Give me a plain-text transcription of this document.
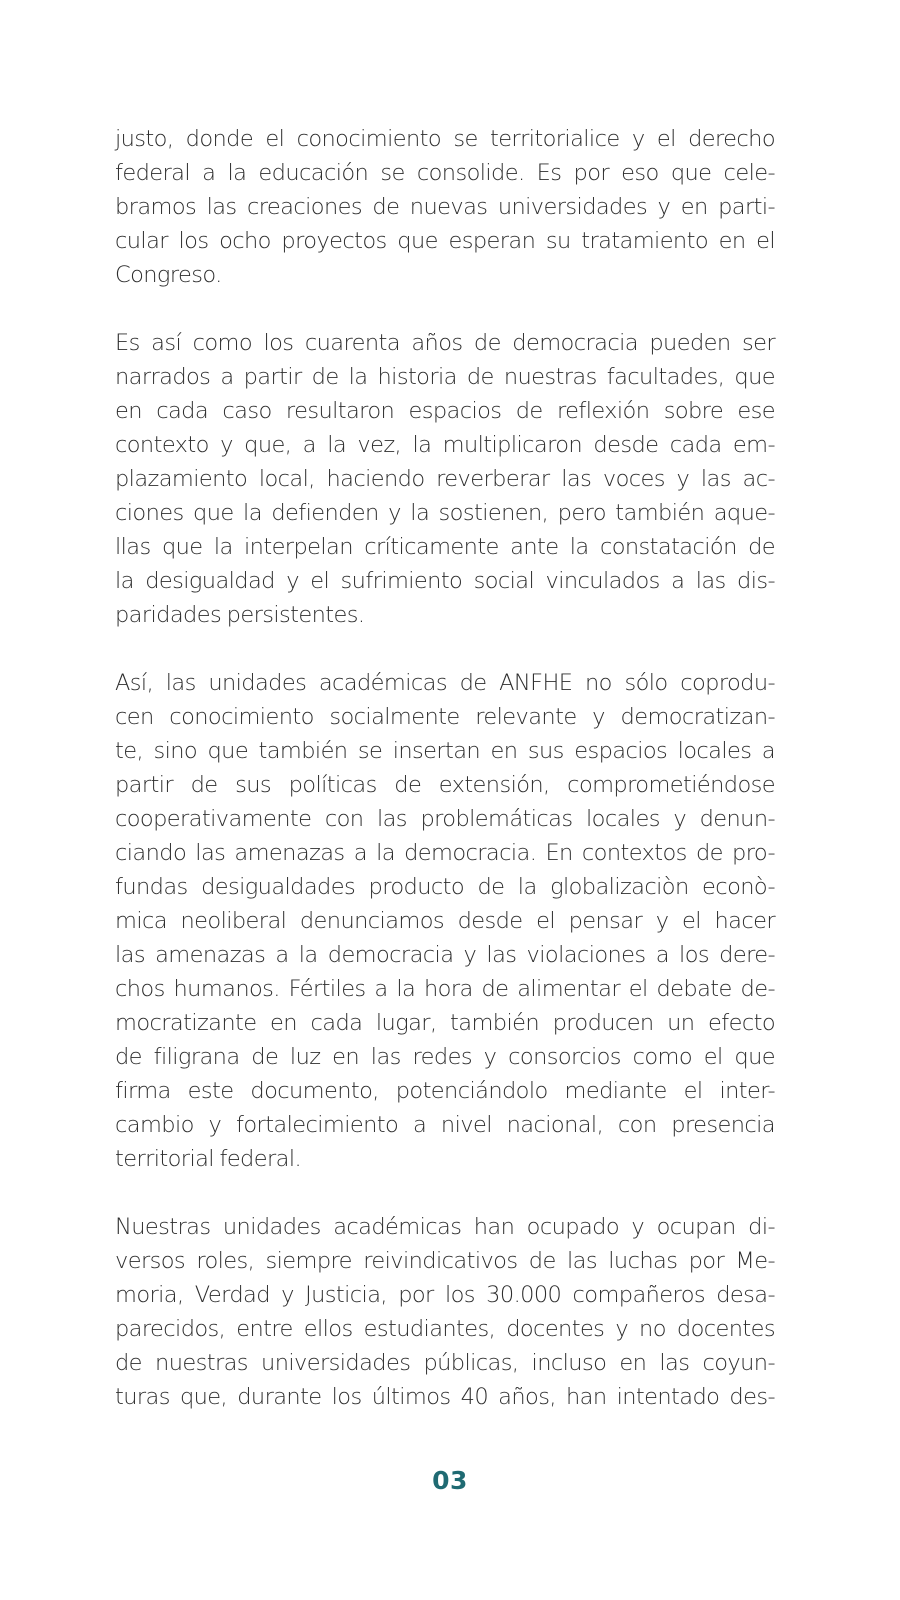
justo, donde el conocimiento se territorialice y el derecho
federal a la educación se consolide. Es por eso que cele-
bramos las creaciones de nuevas universidades y en parti-
cular los ocho proyectos que esperan su tratamiento en el
Congreso.

Es así como los cuarenta años de democracia pueden ser
narrados a partir de la historia de nuestras facultades, que
en cada caso resultaron espacios de reflexión sobre ese
contexto y que, a la vez, la multiplicaron desde cada em-
plazamiento local, haciendo reverberar las voces y las ac-
ciones que la defienden y la sostienen, pero también aque-
llas que la interpelan críticamente ante la constatación de
la desigualdad y el sufrimiento social vinculados a las dis-
paridades persistentes.

Así, las unidades académicas de ANFHE no sólo coprodu-
cen conocimiento socialmente relevante y democratizan-
te, sino que también se insertan en sus espacios locales a
partir de sus políticas de extensión, comprometiéndose
cooperativamente con las problemáticas locales y denun-
ciando las amenazas a la democracia. En contextos de pro-
fundas desigualdades producto de la globalizaciòn econò-
mica neoliberal denunciamos desde el pensar y el hacer
las amenazas a la democracia y las violaciones a los dere-
chos humanos. Fértiles a la hora de alimentar el debate de-
mocratizante en cada lugar, también producen un efecto
de filigrana de luz en las redes y consorcios como el que
firma este documento, potenciándolo mediante el inter-
cambio y fortalecimiento a nivel nacional, con presencia
territorial federal.

Nuestras unidades académicas han ocupado y ocupan di-
versos roles, siempre reivindicativos de las luchas por Me-
moria, Verdad y Justicia, por los 30.000 compañeros desa-
parecidos, entre ellos estudiantes, docentes y no docentes
de nuestras universidades públicas, incluso en las coyun-
turas que, durante los últimos 40 años, han intentado des-

03
